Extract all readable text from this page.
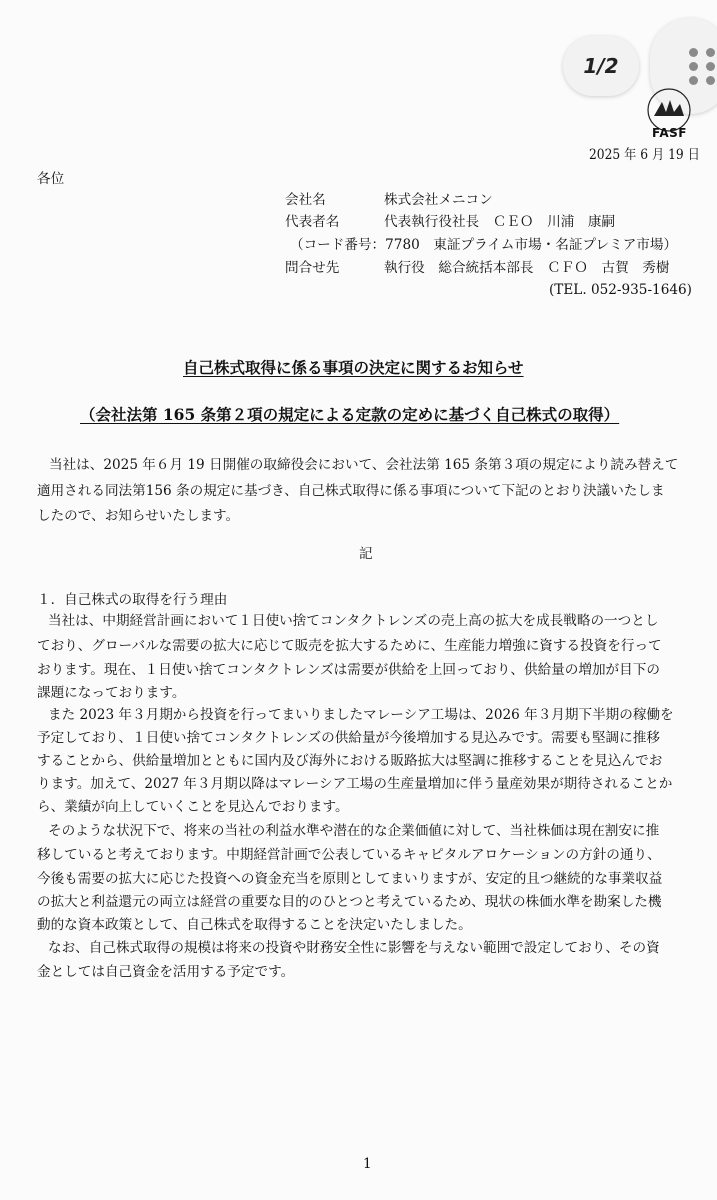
1/2
FASF
2025 年 6 月 19 日
各位
会社名	株式会社メニコン
代表者名	代表執行役社長　ＣＥＯ　川浦　康嗣
（コード番号：7780　東証プライム市場・名証プレミア市場）
問合せ先	執行役　総合統括本部長　ＣＦＯ　古賀　秀樹
(TEL. 052-935-1646)
自己株式取得に係る事項の決定に関するお知らせ
（会社法第 165 条第２項の規定による定款の定めに基づく自己株式の取得）
当社は、2025 年６月 19 日開催の取締役会において、会社法第 165 条第３項の規定により読み替えて
適用される同法第156 条の規定に基づき、自己株式取得に係る事項について下記のとおり決議いたしま
したので、お知らせいたします。
記
１．自己株式の取得を行う理由
当社は、中期経営計画において１日使い捨てコンタクトレンズの売上高の拡大を成長戦略の一つとし
ており、グローバルな需要の拡大に応じて販売を拡大するために、生産能力増強に資する投資を行って
おります。現在、１日使い捨てコンタクトレンズは需要が供給を上回っており、供給量の増加が目下の
課題になっております。
また 2023 年３月期から投資を行ってまいりましたマレーシア工場は、2026 年３月期下半期の稼働を
予定しており、１日使い捨てコンタクトレンズの供給量が今後増加する見込みです。需要も堅調に推移
することから、供給量増加とともに国内及び海外における販路拡大は堅調に推移することを見込んでお
ります。加えて、2027 年３月期以降はマレーシア工場の生産量増加に伴う量産効果が期待されることか
ら、業績が向上していくことを見込んでおります。
そのような状況下で、将来の当社の利益水準や潜在的な企業価値に対して、当社株価は現在割安に推
移していると考えております。中期経営計画で公表しているキャピタルアロケーションの方針の通り、
今後も需要の拡大に応じた投資への資金充当を原則としてまいりますが、安定的且つ継続的な事業収益
の拡大と利益還元の両立は経営の重要な目的のひとつと考えているため、現状の株価水準を勘案した機
動的な資本政策として、自己株式を取得することを決定いたしました。
なお、自己株式取得の規模は将来の投資や財務安全性に影響を与えない範囲で設定しており、その資
金としては自己資金を活用する予定です。
1
